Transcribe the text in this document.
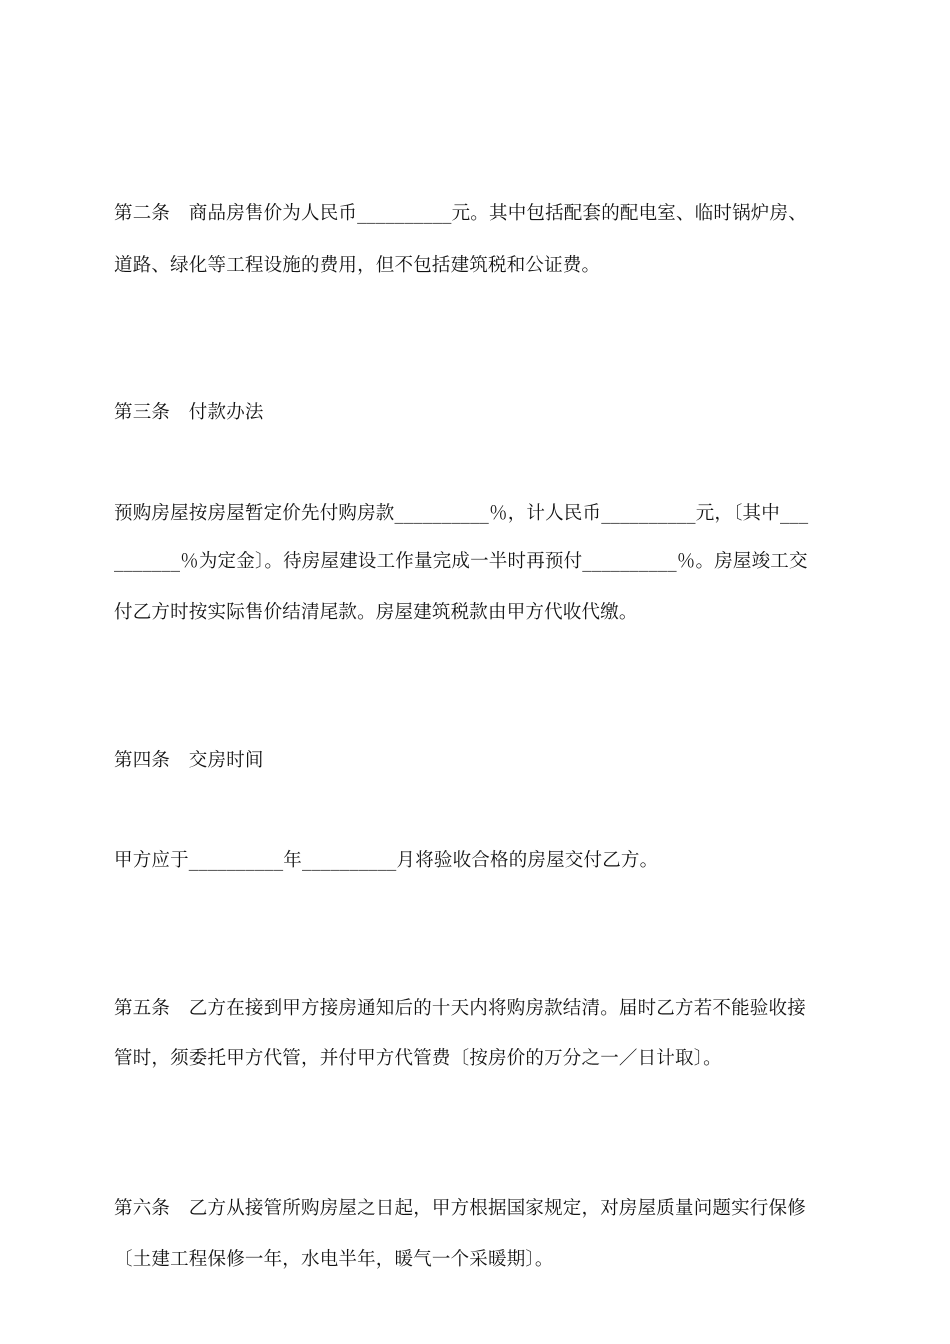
第二条　商品房售价为人民币__________元。其中包括配套的配电室、临时锅炉房、
道路、绿化等工程设施的费用，但不包括建筑税和公证费。
第三条　付款办法
预购房屋按房屋暂定价先付购房款__________％，计人民币__________元，〔其中___
_______％为定金〕。待房屋建设工作量完成一半时再预付__________％。房屋竣工交
付乙方时按实际售价结清尾款。房屋建筑税款由甲方代收代缴。
第四条　交房时间
甲方应于__________年__________月将验收合格的房屋交付乙方。
第五条　乙方在接到甲方接房通知后的十天内将购房款结清。届时乙方若不能验收接
管时，须委托甲方代管，并付甲方代管费〔按房价的万分之一／日计取〕。
第六条　乙方从接管所购房屋之日起，甲方根据国家规定，对房屋质量问题实行保修
〔土建工程保修一年，水电半年，暖气一个采暖期〕。
